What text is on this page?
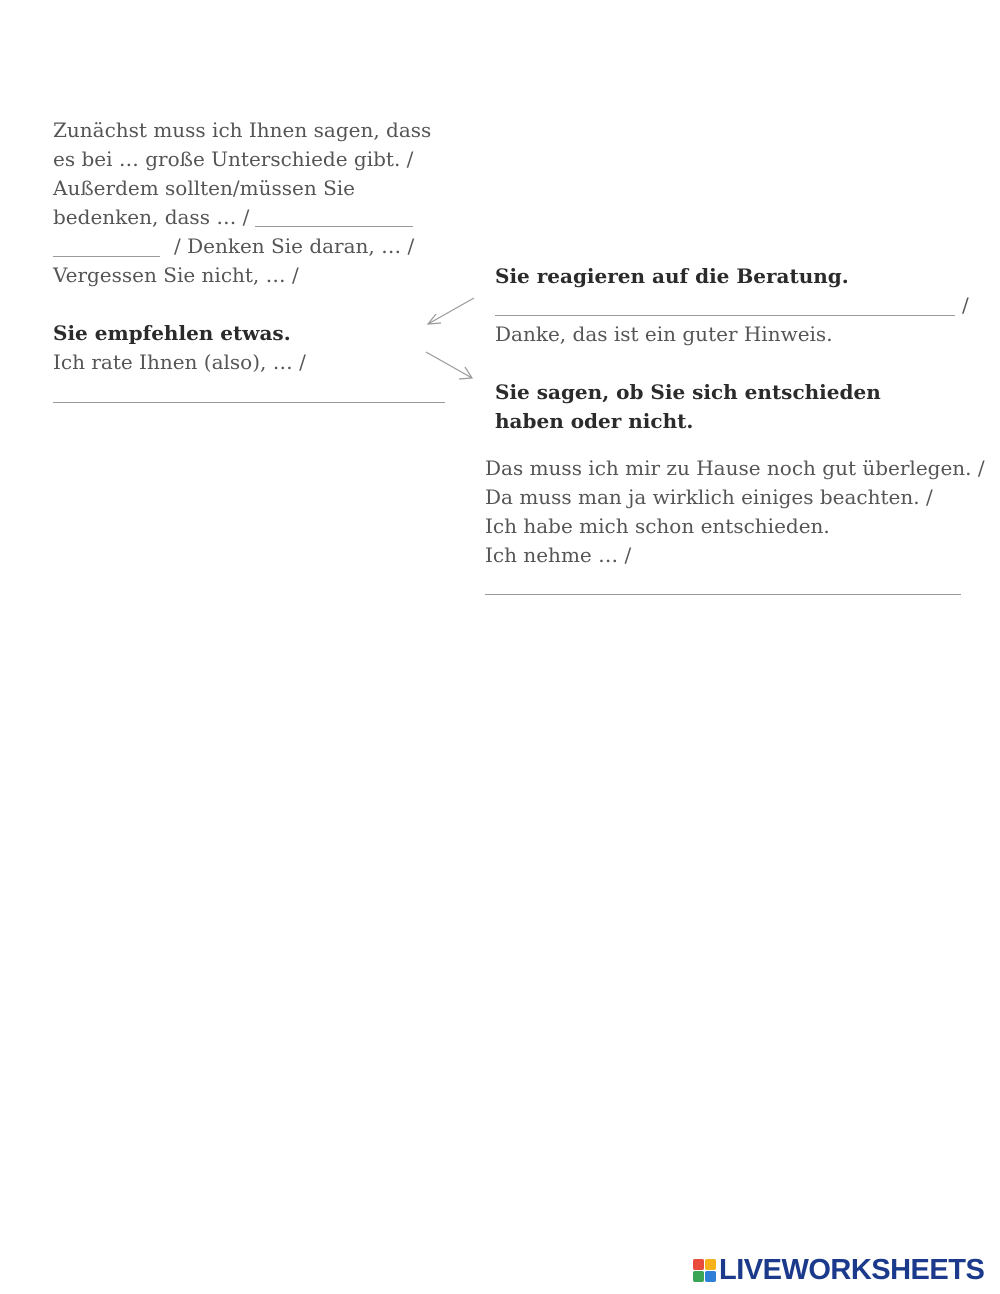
Zunächst muss ich Ihnen sagen, dass
es bei … große Unterschiede gibt. /
Außerdem sollten/müssen Sie
bedenken, dass … /
/ Denken Sie daran, … /
Vergessen Sie nicht, … /
Sie empfehlen etwas.
Ich rate Ihnen (also), … /
Sie reagieren auf die Beratung.
/
Danke, das ist ein guter Hinweis.
Sie sagen, ob Sie sich entschieden
haben oder nicht.
Das muss ich mir zu Hause noch gut überlegen. /
Da muss man ja wirklich einiges beachten. /
Ich habe mich schon entschieden.
Ich nehme … /
LIVEWORKSHEETS
